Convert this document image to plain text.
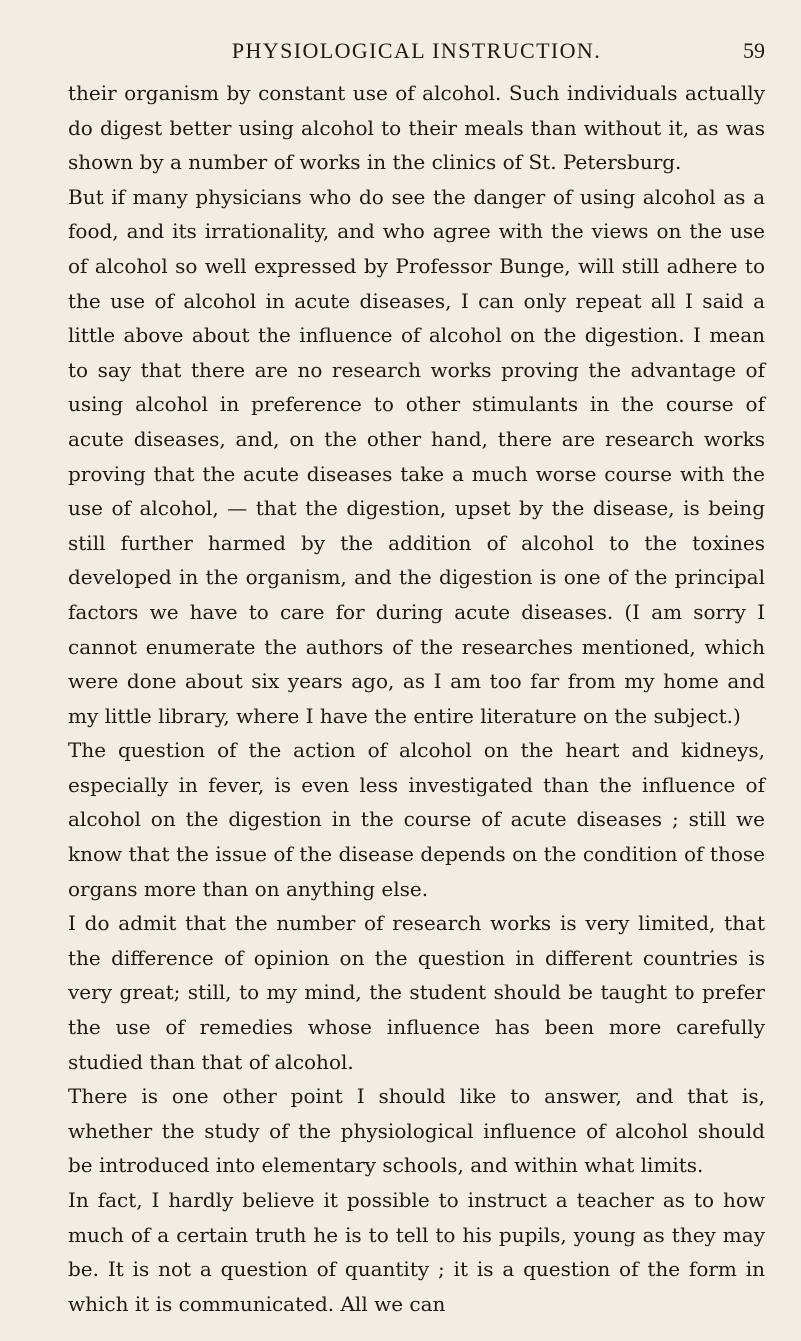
PHYSIOLOGICAL INSTRUCTION.	59

their organism by constant use of alcohol. Such individuals actually do digest better using alcohol to their meals than without it, as was shown by a number of works in the clinics of St. Petersburg.

But if many physicians who do see the danger of using alcohol as a food, and its irrationality, and who agree with the views on the use of alcohol so well expressed by Professor Bunge, will still adhere to the use of alcohol in acute diseases, I can only repeat all I said a little above about the influence of alcohol on the digestion. I mean to say that there are no research works proving the advantage of using alcohol in preference to other stimulants in the course of acute diseases, and, on the other hand, there are research works proving that the acute diseases take a much worse course with the use of alcohol, — that the digestion, upset by the disease, is being still further harmed by the addition of alcohol to the toxines developed in the organism, and the digestion is one of the principal factors we have to care for during acute diseases. (I am sorry I cannot enumerate the authors of the researches mentioned, which were done about six years ago, as I am too far from my home and my little library, where I have the entire literature on the subject.)

The question of the action of alcohol on the heart and kidneys, especially in fever, is even less investigated than the influence of alcohol on the digestion in the course of acute diseases ; still we know that the issue of the disease depends on the condition of those organs more than on anything else.

I do admit that the number of research works is very limited, that the difference of opinion on the question in different countries is very great; still, to my mind, the student should be taught to prefer the use of remedies whose influence has been more carefully studied than that of alcohol.

There is one other point I should like to answer, and that is, whether the study of the physiological influence of alcohol should be introduced into elementary schools, and within what limits.

In fact, I hardly believe it possible to instruct a teacher as to how much of a certain truth he is to tell to his pupils, young as they may be. It is not a question of quantity ; it is a question of the form in which it is communicated. All we can
